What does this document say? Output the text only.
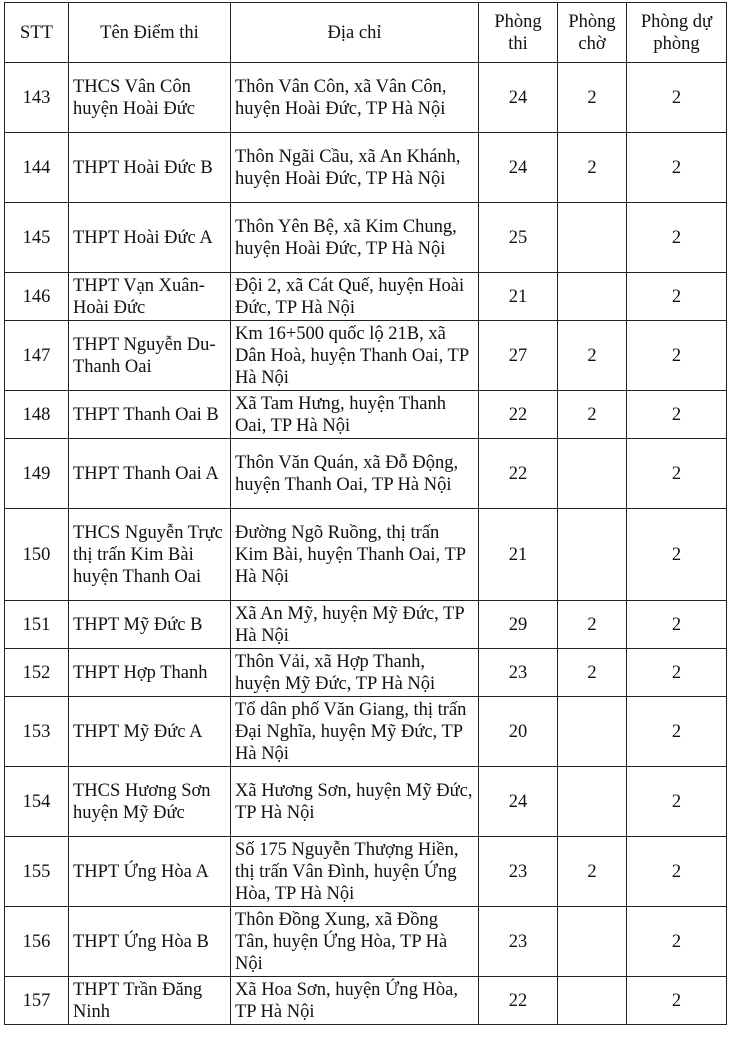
STT	Tên Điểm thi	Địa chỉ	Phòng thi	Phòng chờ	Phòng dự phòng
143	THCS Vân Côn huyện Hoài Đức	Thôn Vân Côn, xã Vân Côn, huyện Hoài Đức, TP Hà Nội	24	2	2
144	THPT Hoài Đức B	Thôn Ngãi Cầu, xã An Khánh, huyện Hoài Đức, TP Hà Nội	24	2	2
145	THPT Hoài Đức A	Thôn Yên Bệ, xã Kim Chung, huyện Hoài Đức, TP Hà Nội	25		2
146	THPT Vạn Xuân-Hoài Đức	Đội 2, xã Cát Quế, huyện Hoài Đức, TP Hà Nội	21		2
147	THPT Nguyễn Du-Thanh Oai	Km 16+500 quốc lộ 21B, xã Dân Hoà, huyện Thanh Oai, TP Hà Nội	27	2	2
148	THPT Thanh Oai B	Xã Tam Hưng, huyện Thanh Oai, TP Hà Nội	22	2	2
149	THPT Thanh Oai A	Thôn Văn Quán, xã Đỗ Động, huyện Thanh Oai, TP Hà Nội	22		2
150	THCS Nguyễn Trực thị trấn Kim Bài huyện Thanh Oai	Đường Ngõ Ruồng, thị trấn Kim Bài, huyện Thanh Oai, TP Hà Nội	21		2
151	THPT Mỹ Đức B	Xã An Mỹ, huyện Mỹ Đức, TP Hà Nội	29	2	2
152	THPT Hợp Thanh	Thôn Vải, xã Hợp Thanh, huyện Mỹ Đức, TP Hà Nội	23	2	2
153	THPT Mỹ Đức A	Tổ dân phố Văn Giang, thị trấn Đại Nghĩa, huyện Mỹ Đức, TP Hà Nội	20		2
154	THCS Hương Sơn huyện Mỹ Đức	Xã Hương Sơn, huyện Mỹ Đức, TP Hà Nội	24		2
155	THPT Ứng Hòa A	Số 175 Nguyễn Thượng Hiền, thị trấn Vân Đình, huyện Ứng Hòa, TP Hà Nội	23	2	2
156	THPT Ứng Hòa B	Thôn Đồng Xung, xã Đồng Tân, huyện Ứng Hòa, TP Hà Nội	23		2
157	THPT Trần Đăng Ninh	Xã Hoa Sơn, huyện Ứng Hòa, TP Hà Nội	22		2
